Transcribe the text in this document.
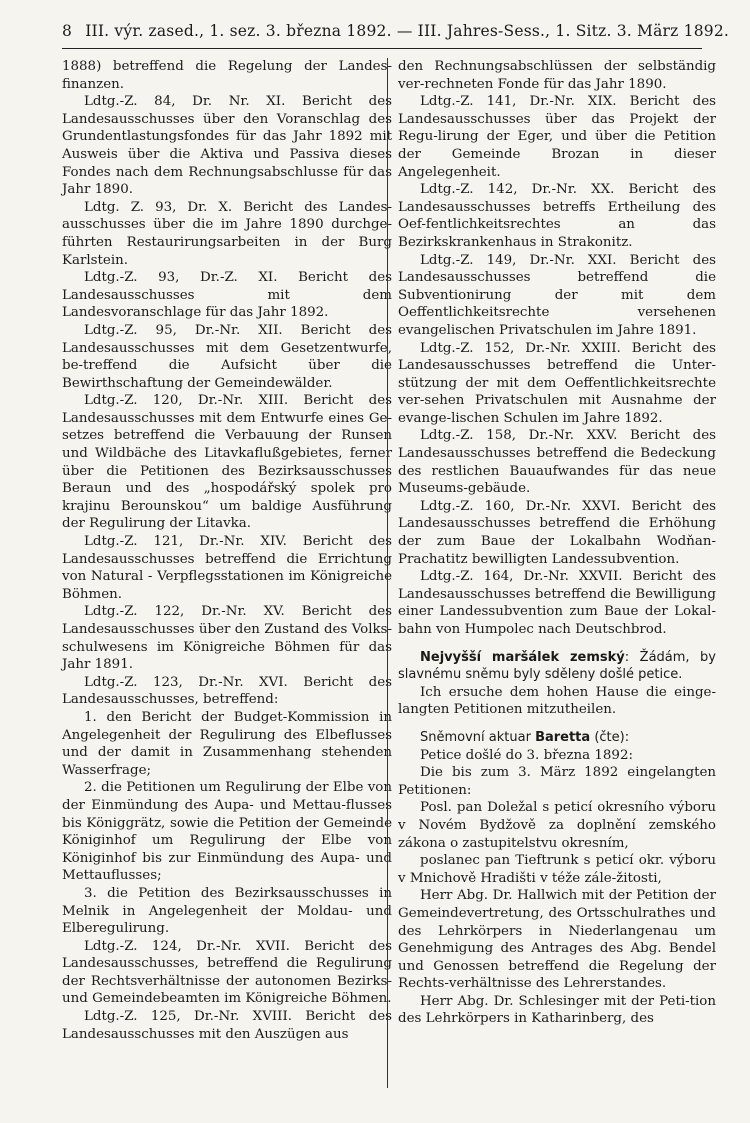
8 III. výr. zased., 1. sez. 3. března 1892. — III. Jahres-Sess., 1. Sitz. 3. März 1892.

1888) betreffend die Regelung der Landes-finanzen.

Ldtg.-Z. 84, Dr. Nr. XI. Bericht des Landesausschusses über den Voranschlag des Grundentlastungsfondes für das Jahr 1892 mit Ausweis über die Aktiva und Passiva dieses Fondes nach dem Rechnungsabschlusse für das Jahr 1890.

Ldtg. Z. 93, Dr. X. Bericht des Landes-ausschusses über die im Jahre 1890 durchge-führten Restaurirungsarbeiten in der Burg Karlstein.

Ldtg.-Z. 93, Dr.-Z. XI. Bericht des Landesausschusses mit dem Landesvoranschlage für das Jahr 1892.

Ldtg.-Z. 95, Dr.-Nr. XII. Bericht des Landesausschusses mit dem Gesetzentwurfe, be-treffend die Aufsicht über die Bewirthschaftung der Gemeindewälder.

Ldtg.-Z. 120, Dr.-Nr. XIII. Bericht des Landesausschusses mit dem Entwurfe eines Ge-setzes betreffend die Verbauung der Runsen und Wildbäche des Litavkaflußgebietes, ferner über die Petitionen des Bezirksausschusses Beraun und des „hospodářský spolek pro krajinu Berounskou“ um baldige Ausführung der Regulirung der Litavka.

Ldtg.-Z. 121, Dr.-Nr. XIV. Bericht des Landesausschusses betreffend die Errichtung von Natural - Verpflegsstationen im Königreiche Böhmen.

Ldtg.-Z. 122, Dr.-Nr. XV. Bericht des Landesausschusses über den Zustand des Volks-schulwesens im Königreiche Böhmen für das Jahr 1891.

Ldtg.-Z. 123, Dr.-Nr. XVI. Bericht des Landesausschusses, betreffend:

1. den Bericht der Budget-Kommission in Angelegenheit der Regulirung des Elbeflusses und der damit in Zusammenhang stehenden Wasserfrage;

2. die Petitionen um Regulirung der Elbe von der Einmündung des Aupa- und Mettau-flusses bis Königgrätz, sowie die Petition der Gemeinde Königinhof um Regulirung der Elbe von Königinhof bis zur Einmündung des Aupa- und Mettauflusses;

3. die Petition des Bezirksausschusses in Melnik in Angelegenheit der Moldau- und Elberegulirung.

Ldtg.-Z. 124, Dr.-Nr. XVII. Bericht des Landesausschusses, betreffend die Regulirung der Rechtsverhältnisse der autonomen Bezirks- und Gemeindebeamten im Königreiche Böhmen.

Ldtg.-Z. 125, Dr.-Nr. XVIII. Bericht des Landesausschusses mit den Auszügen aus

den Rechnungsabschlüssen der selbständig ver-rechneten Fonde für das Jahr 1890.

Ldtg.-Z. 141, Dr.-Nr. XIX. Bericht des Landesausschusses über das Projekt der Regu-lirung der Eger, und über die Petition der Gemeinde Brozan in dieser Angelegenheit.

Ldtg.-Z. 142, Dr.-Nr. XX. Bericht des Landesausschusses betreffs Ertheilung des Oef-fentlichkeitsrechtes an das Bezirkskrankenhaus in Strakonitz.

Ldtg.-Z. 149, Dr.-Nr. XXI. Bericht des Landesausschusses betreffend die Subventionirung der mit dem Oeffentlichkeitsrechte versehenen evangelischen Privatschulen im Jahre 1891.

Ldtg.-Z. 152, Dr.-Nr. XXIII. Bericht des Landesausschusses betreffend die Unter-stützung der mit dem Oeffentlichkeitsrechte ver-sehen Privatschulen mit Ausnahme der evange-lischen Schulen im Jahre 1892.

Ldtg.-Z. 158, Dr.-Nr. XXV. Bericht des Landesausschusses betreffend die Bedeckung des restlichen Bauaufwandes für das neue Museums-gebäude.

Ldtg.-Z. 160, Dr.-Nr. XXVI. Bericht des Landesausschusses betreffend die Erhöhung der zum Baue der Lokalbahn Wodňan-Prachatitz bewilligten Landessubvention.

Ldtg.-Z. 164, Dr.-Nr. XXVII. Bericht des Landesausschusses betreffend die Bewilligung einer Landessubvention zum Baue der Lokal-bahn von Humpolec nach Deutschbrod.

Nejvyšší maršálek zemský: Žádám, by slavnému sněmu byly sděleny došlé petice.

Ich ersuche dem hohen Hause die einge-langten Petitionen mitzutheilen.

Sněmovní aktuar Baretta (čte):

Petice došlé do 3. března 1892:

Die bis zum 3. März 1892 eingelangten Petitionen:

Posl. pan Doležal s peticí okresního výboru v Novém Bydžově za doplnění zemského zákona o zastupitelstvu okresním,

poslanec pan Tieftrunk s peticí okr. výboru v Mnichově Hradišti v téže zále-žitosti,

Herr Abg. Dr. Hallwich mit der Petition der Gemeindevertretung, des Ortsschulrathes und des Lehrkörpers in Niederlangenau um Genehmigung des Antrages des Abg. Bendel und Genossen betreffend die Regelung der Rechts-verhältnisse des Lehrerstandes.

Herr Abg. Dr. Schlesinger mit der Peti-tion des Lehrkörpers in Katharinberg, des
